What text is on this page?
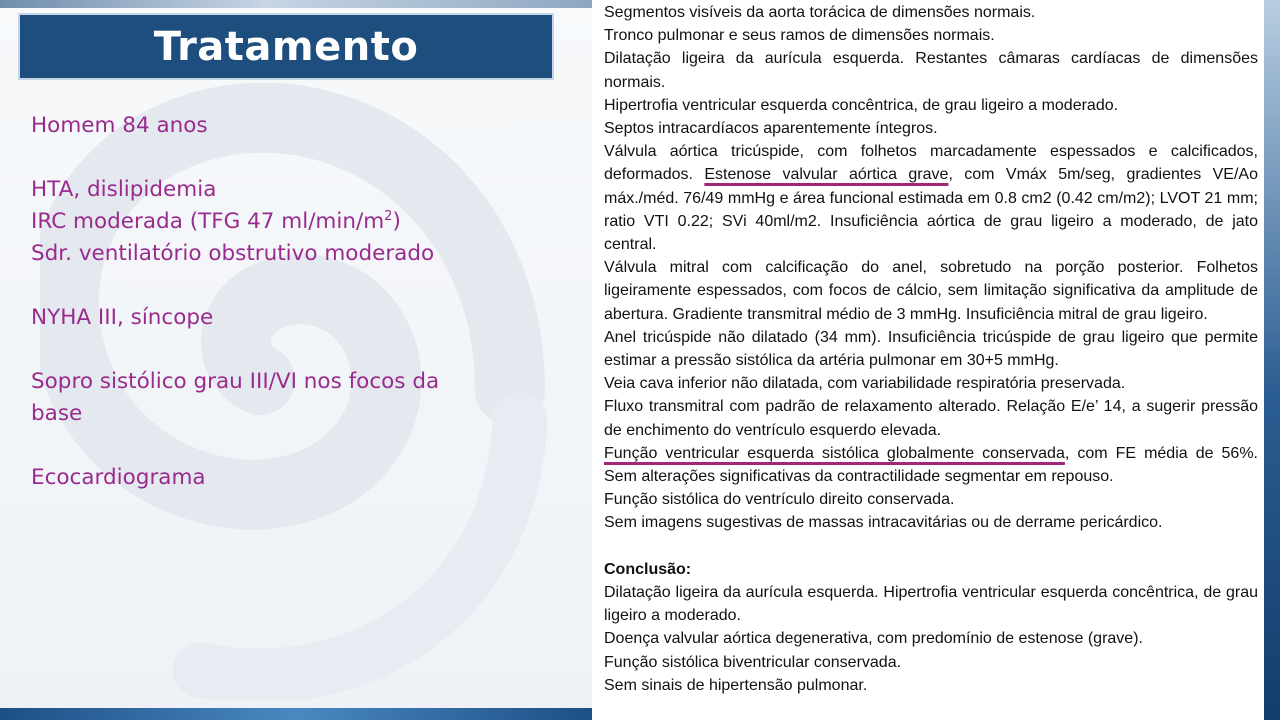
Tratamento
Homem 84 anos
HTA, dislipidemia
IRC moderada (TFG 47 $ml/\min/m^2$)
Sdr. ventilatório obstrutivo moderado
NYHA III, síncope
Sopro sistólico grau III/VI nos focos da
base
Ecocardiograma
Segmentos visíveis da aorta torácica de dimensões normais.
Tronco pulmonar e seus ramos de dimensões normais.
Dilatação ligeira da aurícula esquerda. Restantes câmaras cardíacas de dimensões normais.
Hipertrofia ventricular esquerda concêntrica, de grau ligeiro a moderado.
Septos intracardíacos aparentemente íntegros.
Válvula aórtica tricúspide, com folhetos marcadamente espessados e calcificados, deformados. Estenose valvular aórtica grave, com Vmáx 5m/seg, gradientes VE/Ao máx./méd. 76/49 mmHg e área funcional estimada em 0.8 cm2 (0.42 cm/m2); LVOT 21 mm; ratio VTI 0.22; SVi 40ml/m2. Insuficiência aórtica de grau ligeiro a moderado, de jato central.
Válvula mitral com calcificação do anel, sobretudo na porção posterior. Folhetos ligeiramente espessados, com focos de cálcio, sem limitação significativa da amplitude de abertura. Gradiente transmitral médio de 3 mmHg. Insuficiência mitral de grau ligeiro.
Anel tricúspide não dilatado (34 mm). Insuficiência tricúspide de grau ligeiro que permite estimar a pressão sistólica da artéria pulmonar em 30+5 mmHg.
Veia cava inferior não dilatada, com variabilidade respiratória preservada.
Fluxo transmitral com padrão de relaxamento alterado. Relação E/e’ 14, a sugerir pressão de enchimento do ventrículo esquerdo elevada.
Função ventricular esquerda sistólica globalmente conservada, com FE média de 56%. Sem alterações significativas da contractilidade segmentar em repouso.
Função sistólica do ventrículo direito conservada.
Sem imagens sugestivas de massas intracavitárias ou de derrame pericárdico.
Conclusão:
Dilatação ligeira da aurícula esquerda. Hipertrofia ventricular esquerda concêntrica, de grau ligeiro a moderado.
Doença valvular aórtica degenerativa, com predomínio de estenose (grave).
Função sistólica biventricular conservada.
Sem sinais de hipertensão pulmonar.
